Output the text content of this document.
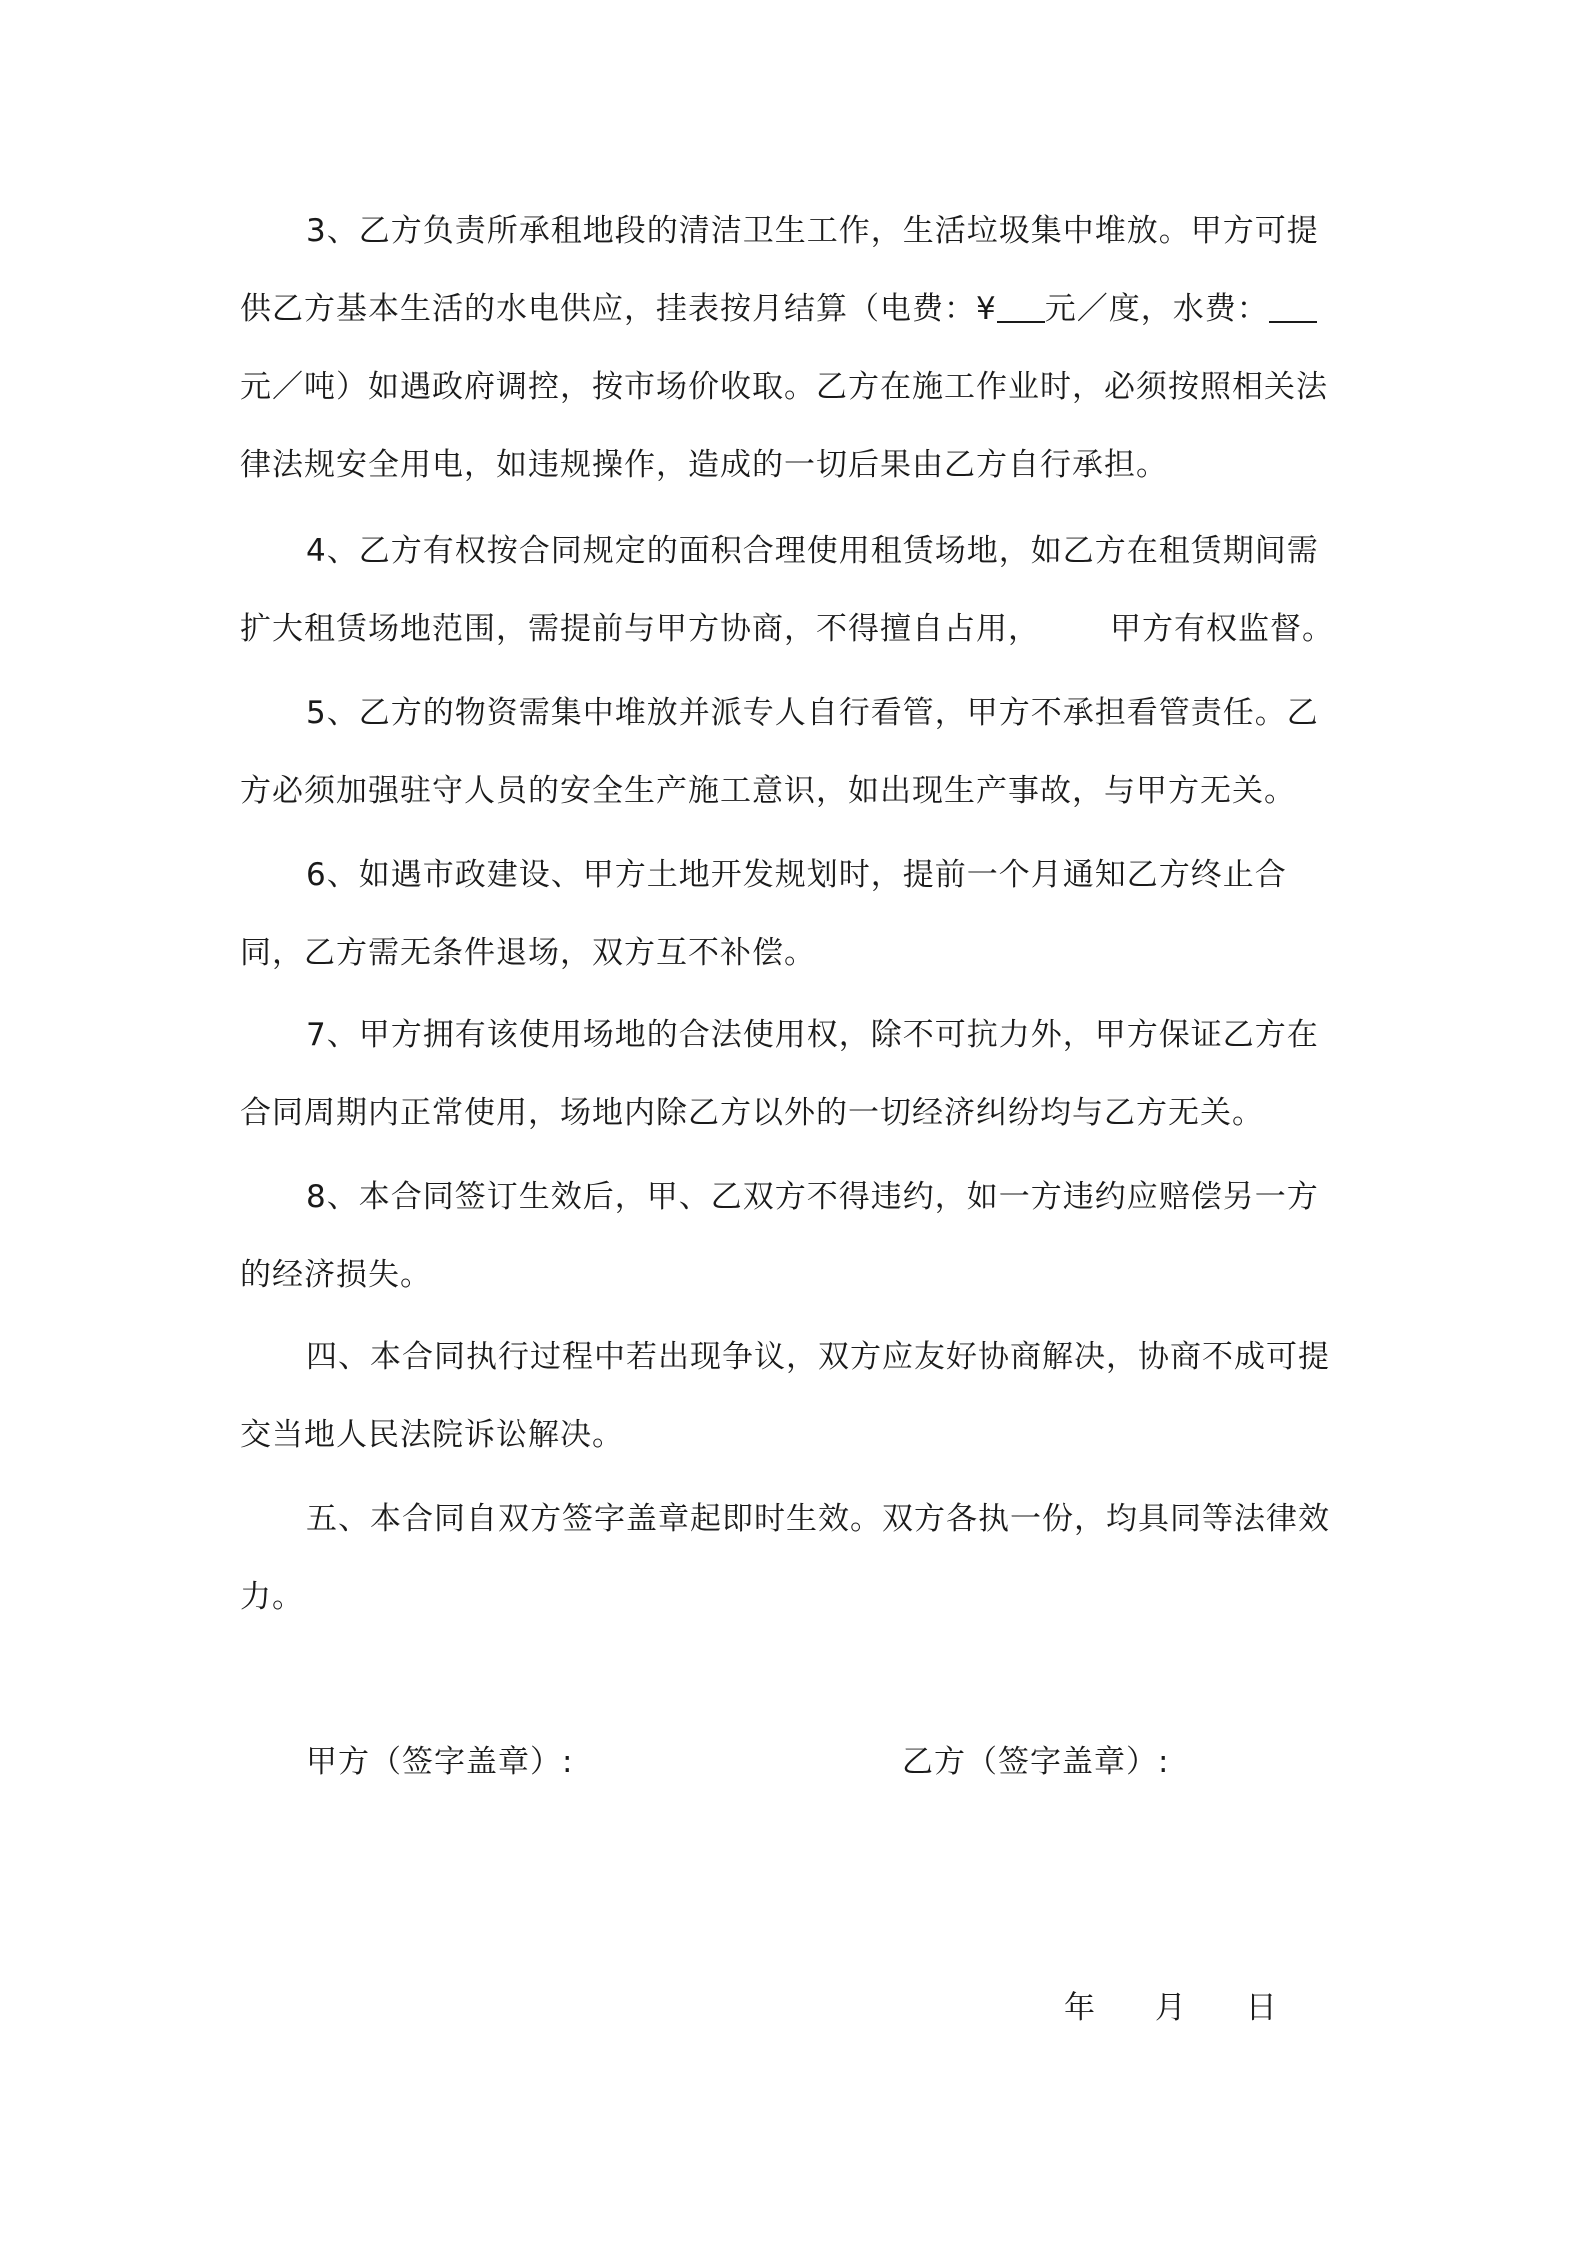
3、乙方负责所承租地段的清洁卫生工作，生活垃圾集中堆放。甲方可提供乙方基本生活的水电供应，挂表按月结算（电费：¥ 元／度，水费：元／吨）如遇政府调控，按市场价收取。乙方在施工作业时，必须按照相关法律法规安全用电，如违规操作，造成的一切后果由乙方自行承担。

4、乙方有权按合同规定的面积合理使用租赁场地，如乙方在租赁期间需扩大租赁场地范围，需提前与甲方协商，不得擅自占用， 甲方有权监督。

5、乙方的物资需集中堆放并派专人自行看管，甲方不承担看管责任。乙方必须加强驻守人员的安全生产施工意识，如出现生产事故，与甲方无关。

6、如遇市政建设、甲方土地开发规划时，提前一个月通知乙方终止合同，乙方需无条件退场，双方互不补偿。

7、甲方拥有该使用场地的合法使用权，除不可抗力外，甲方保证乙方在合同周期内正常使用，场地内除乙方以外的一切经济纠纷均与乙方无关。

8、本合同签订生效后，甲、乙双方不得违约，如一方违约应赔偿另一方的经济损失。

四、本合同执行过程中若出现争议，双方应友好协商解决，协商不成可提交当地人民法院诉讼解决。

五、本合同自双方签字盖章起即时生效。双方各执一份，均具同等法律效力。

甲方（签字盖章）:	乙方（签字盖章）:
年 月 日
